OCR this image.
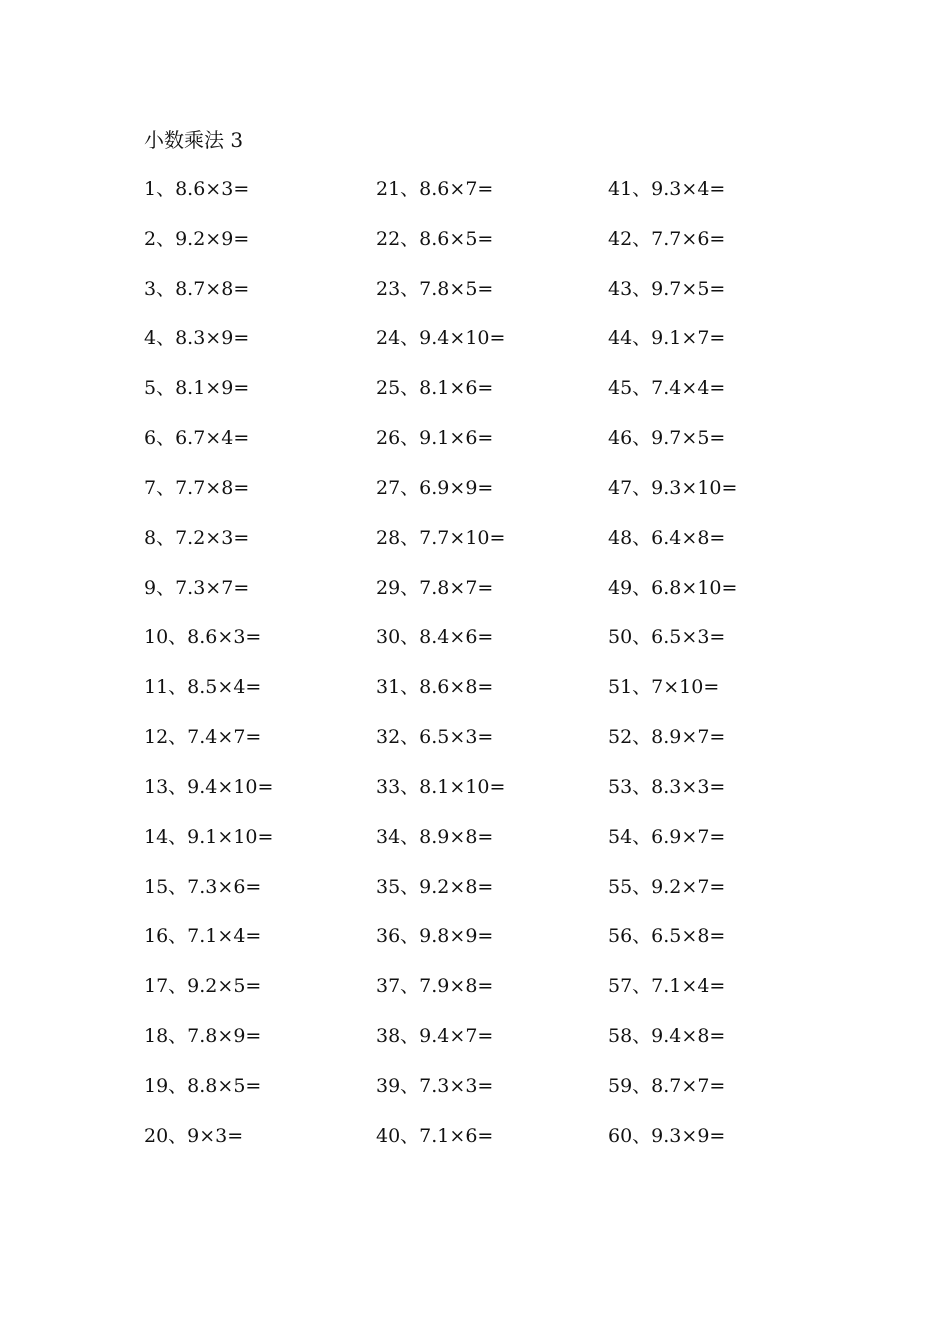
小数乘法 3
1、8.6×3=
2、9.2×9=
3、8.7×8=
4、8.3×9=
5、8.1×9=
6、6.7×4=
7、7.7×8=
8、7.2×3=
9、7.3×7=
10、8.6×3=
11、8.5×4=
12、7.4×7=
13、9.4×10=
14、9.1×10=
15、7.3×6=
16、7.1×4=
17、9.2×5=
18、7.8×9=
19、8.8×5=
20、9×3=
21、8.6×7=
22、8.6×5=
23、7.8×5=
24、9.4×10=
25、8.1×6=
26、9.1×6=
27、6.9×9=
28、7.7×10=
29、7.8×7=
30、8.4×6=
31、8.6×8=
32、6.5×3=
33、8.1×10=
34、8.9×8=
35、9.2×8=
36、9.8×9=
37、7.9×8=
38、9.4×7=
39、7.3×3=
40、7.1×6=
41、9.3×4=
42、7.7×6=
43、9.7×5=
44、9.1×7=
45、7.4×4=
46、9.7×5=
47、9.3×10=
48、6.4×8=
49、6.8×10=
50、6.5×3=
51、7×10=
52、8.9×7=
53、8.3×3=
54、6.9×7=
55、9.2×7=
56、6.5×8=
57、7.1×4=
58、9.4×8=
59、8.7×7=
60、9.3×9=
